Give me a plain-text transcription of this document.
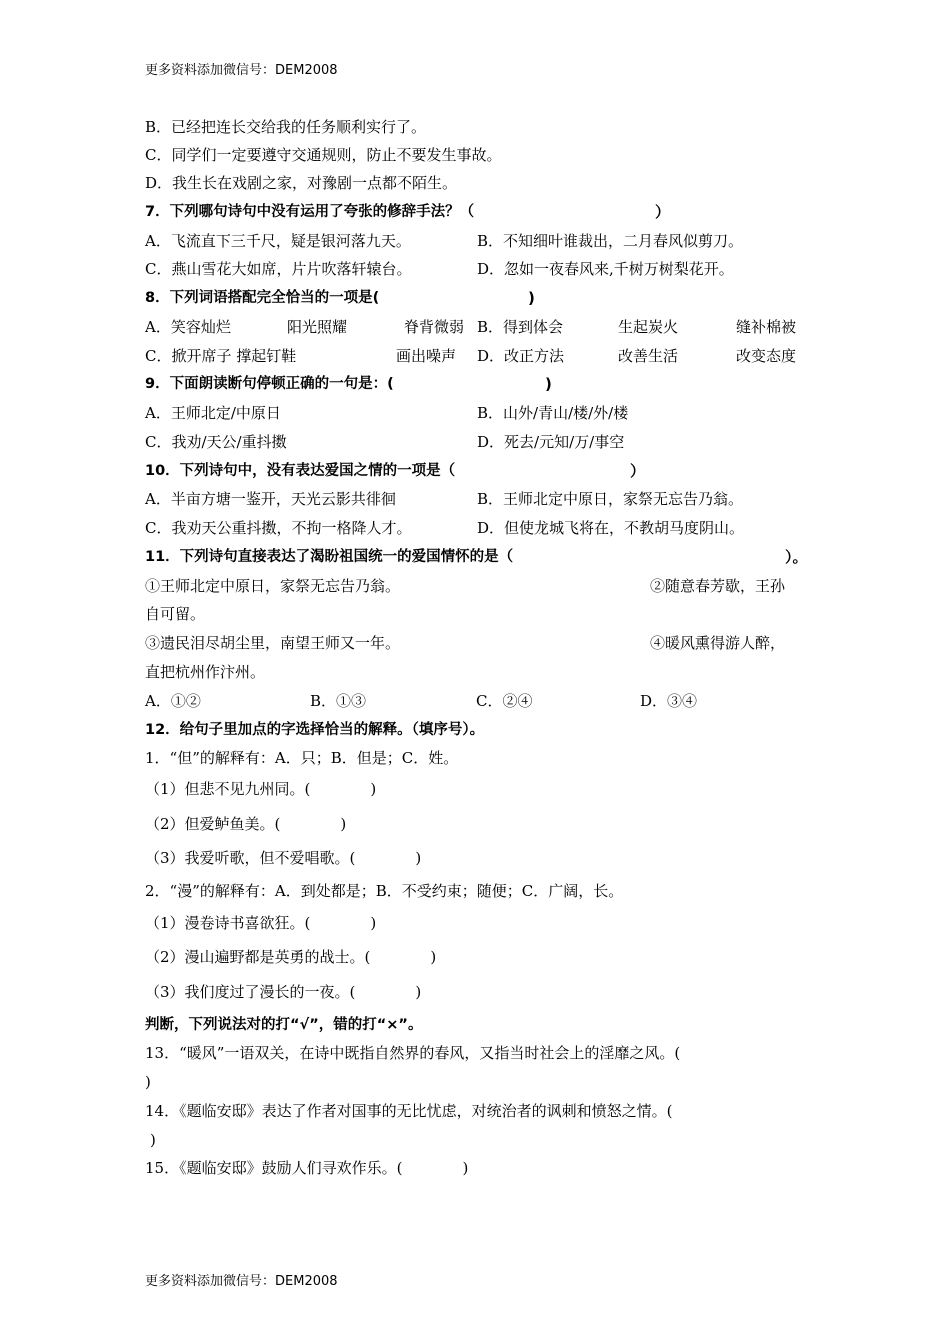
更多资料添加微信号：DEM2008
B．已经把连长交给我的任务顺利实行了。
C．同学们一定要遵守交通规则，防止不要发生事故。
D．我生长在戏剧之家，对豫剧一点都不陌生。
7．下列哪句诗句中没有运用了夸张的修辞手法？（	）
A．飞流直下三千尺，疑是银河落九天。	B．不知细叶谁裁出，二月春风似剪刀。
C．燕山雪花大如席，片片吹落轩辕台。	D．忽如一夜春风来,千树万树梨花开。
8．下列词语搭配完全恰当的一项是(	)
A．笑容灿烂	阳光照耀	脊背微弱 B．得到体会	生起炭火	缝补棉被
C．掀开席子 撑起钉鞋	画出噪声 D．改正方法	改善生活	改变态度
9．下面朗读断句停顿正确的一句是：(	)
A．王师北定/中原日	B．山外/青山/楼/外/楼
C．我劝/天公/重抖擞	D．死去/元知/万/事空
10．下列诗句中，没有表达爱国之情的一项是（	）
A．半亩方塘一鉴开，天光云影共徘徊	B．王师北定中原日，家祭无忘告乃翁。
C．我劝天公重抖擞，不拘一格降人才。	D．但使龙城飞将在，不教胡马度阴山。
11．下列诗句直接表达了渴盼祖国统一的爱国情怀的是（	）。
①王师北定中原日，家祭无忘告乃翁。	②随意春芳歇，王孙
自可留。
③遗民泪尽胡尘里，南望王师又一年。	④暖风熏得游人醉，
直把杭州作汴州。
A．①②	B．①③	C．②④	D．③④
12．给句子里加点的字选择恰当的解释。（填序号）。
1．“但”的解释有：A．只；B．但是；C．姓。
（1）但悲不见九州同。(　　　　)
（2）但爱鲈鱼美。(　　　　)
（3）我爱听歌，但不爱唱歌。(　　　　)
2．“漫”的解释有：A．到处都是；B．不受约束；随便；C．广阔，长。
（1）漫卷诗书喜欲狂。(　　　　)
（2）漫山遍野都是英勇的战士。(　　　　)
（3）我们度过了漫长的一夜。(　　　　)
判断，下列说法对的打“√”，错的打“×”。
13．“暖风”一语双关，在诗中既指自然界的春风，又指当时社会上的淫靡之风。(
)
14．《题临安邸》表达了作者对国事的无比忧虑，对统治者的讽刺和愤怒之情。(
)
15．《题临安邸》鼓励人们寻欢作乐。(　　　　)
更多资料添加微信号：DEM2008
